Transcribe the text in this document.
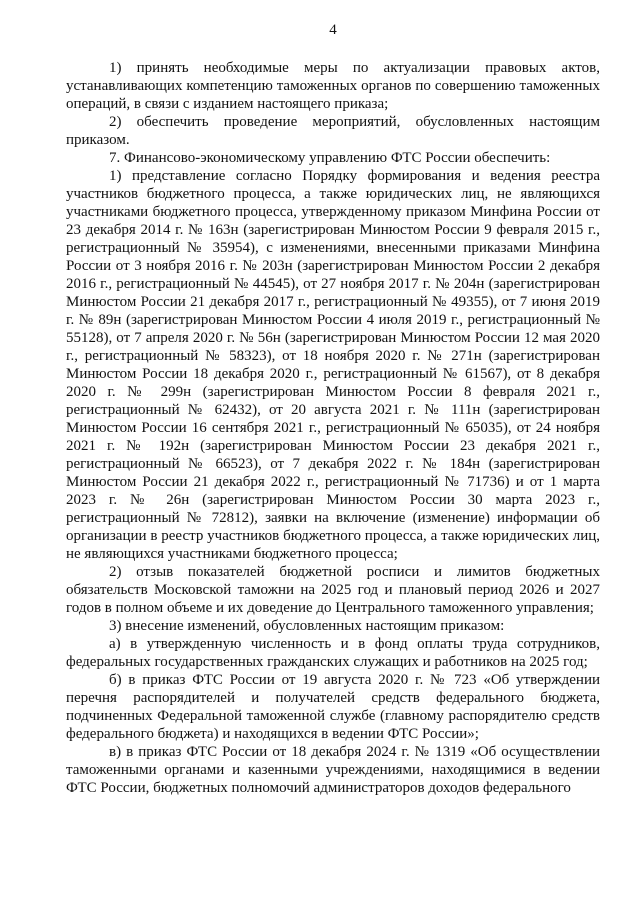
4

1) принять необходимые меры по актуализации правовых актов, устанавливающих компетенцию таможенных органов по совершению таможенных операций, в связи с изданием настоящего приказа;

2) обеспечить проведение мероприятий, обусловленных настоящим приказом.

7. Финансово-экономическому управлению ФТС России обеспечить:

1) представление согласно Порядку формирования и ведения реестра участников бюджетного процесса, а также юридических лиц, не являющихся участниками бюджетного процесса, утвержденному приказом Минфина России от 23 декабря 2014 г. № 163н (зарегистрирован Минюстом России 9 февраля 2015 г., регистрационный № 35954), с изменениями, внесенными приказами Минфина России от 3 ноября 2016 г. № 203н (зарегистрирован Минюстом России 2 декабря 2016 г., регистрационный № 44545), от 27 ноября 2017 г. № 204н (зарегистрирован Минюстом России 21 декабря 2017 г., регистрационный № 49355), от 7 июня 2019 г. № 89н (зарегистрирован Минюстом России 4 июля 2019 г., регистрационный № 55128), от 7 апреля 2020 г. № 56н (зарегистрирован Минюстом России 12 мая 2020 г., регистрационный № 58323), от 18 ноября 2020 г. № 271н (зарегистрирован Минюстом России 18 декабря 2020 г., регистрационный № 61567), от 8 декабря 2020 г. № 299н (зарегистрирован Минюстом России 8 февраля 2021 г., регистрационный № 62432), от 20 августа 2021 г. № 111н (зарегистрирован Минюстом России 16 сентября 2021 г., регистрационный № 65035), от 24 ноября 2021 г. № 192н (зарегистрирован Минюстом России 23 декабря 2021 г., регистрационный № 66523), от 7 декабря 2022 г. № 184н (зарегистрирован Минюстом России 21 декабря 2022 г., регистрационный № 71736) и от 1 марта 2023 г. № 26н (зарегистрирован Минюстом России 30 марта 2023 г., регистрационный № 72812), заявки на включение (изменение) информации об организации в реестр участников бюджетного процесса, а также юридических лиц, не являющихся участниками бюджетного процесса;

2) отзыв показателей бюджетной росписи и лимитов бюджетных обязательств Московской таможни на 2025 год и плановый период 2026 и 2027 годов в полном объеме и их доведение до Центрального таможенного управления;

3) внесение изменений, обусловленных настоящим приказом:

а) в утвержденную численность и в фонд оплаты труда сотрудников, федеральных государственных гражданских служащих и работников на 2025 год;

б) в приказ ФТС России от 19 августа 2020 г. № 723 «Об утверждении перечня распорядителей и получателей средств федерального бюджета, подчиненных Федеральной таможенной службе (главному распорядителю средств федерального бюджета) и находящихся в ведении ФТС России»;

в) в приказ ФТС России от 18 декабря 2024 г. № 1319 «Об осуществлении таможенными органами и казенными учреждениями, находящимися в ведении ФТС России, бюджетных полномочий администраторов доходов федерального
